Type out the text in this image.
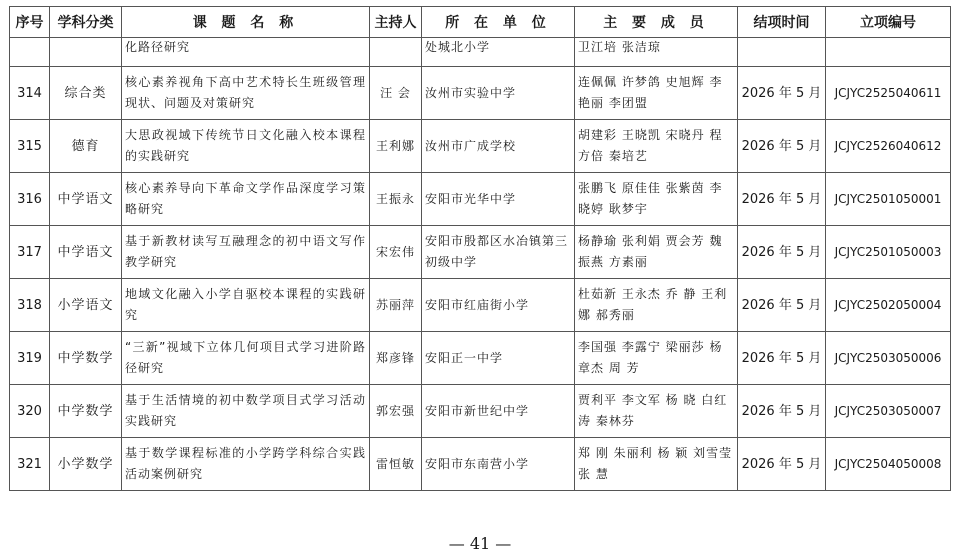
序号	学科分类	课 题 名 称	主持人	所 在 单 位	主 要 成 员	结项时间	立项编号
		化路径研究		处城北小学	卫江培 张洁琼		
314	综合类	核心素养视角下高中艺术特长生班级管理现状、问题及对策研究	汪 会	汝州市实验中学	连佩佩 许梦鸽 史旭辉 李艳丽 李团盟	2026 年 5 月	JCJYC2525040611
315	德育	大思政视域下传统节日文化融入校本课程的实践研究	王利娜	汝州市广成学校	胡建彩 王晓凯 宋晓丹 程方倍 秦培艺	2026 年 5 月	JCJYC2526040612
316	中学语文	核心素养导向下革命文学作品深度学习策略研究	王振永	安阳市光华中学	张鹏飞 原佳佳 张紫茵 李晓婷 耿梦宇	2026 年 5 月	JCJYC2501050001
317	中学语文	基于新教材读写互融理念的初中语文写作教学研究	宋宏伟	安阳市殷都区水冶镇第三初级中学	杨静瑜 张利娟 贾会芳 魏振燕 方素丽	2026 年 5 月	JCJYC2501050003
318	小学语文	地域文化融入小学自驱校本课程的实践研究	苏丽萍	安阳市红庙街小学	杜茹新 王永杰 乔 静 王利娜 郝秀丽	2026 年 5 月	JCJYC2502050004
319	中学数学	“三新”视域下立体几何项目式学习进阶路径研究	郑彦锋	安阳正一中学	李国强 李露宁 梁丽莎 杨章杰 周 芳	2026 年 5 月	JCJYC2503050006
320	中学数学	基于生活情境的初中数学项目式学习活动实践研究	郭宏强	安阳市新世纪中学	贾利平 李文军 杨 晓 白红涛 秦林芬	2026 年 5 月	JCJYC2503050007
321	小学数学	基于数学课程标准的小学跨学科综合实践活动案例研究	雷恒敏	安阳市东南营小学	郑 刚 朱丽利 杨 颖 刘雪莹 张 慧	2026 年 5 月	JCJYC2504050008
— 41 —
